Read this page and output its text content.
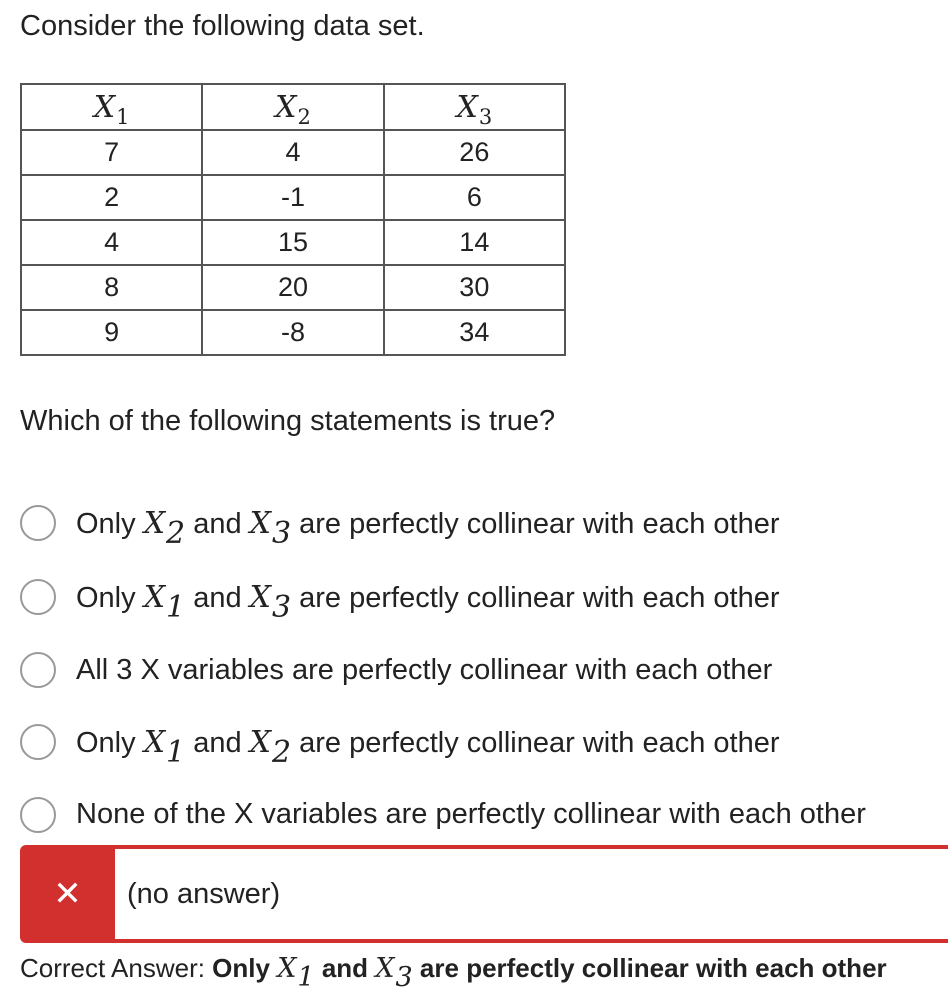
Consider the following data set.
$X_1$	$X_2$	$X_3$
7	4	26
2	-1	6
4	15	14
8	20	30
9	-8	34
Which of the following statements is true?
Only X2 and X3 are perfectly collinear with each other
Only X1 and X3 are perfectly collinear with each other
All 3 X variables are perfectly collinear with each other
Only X1 and X2 are perfectly collinear with each other
None of the X variables are perfectly collinear with each other
✕ (no answer)
Correct Answer: Only X1 and X3 are perfectly collinear with each other
